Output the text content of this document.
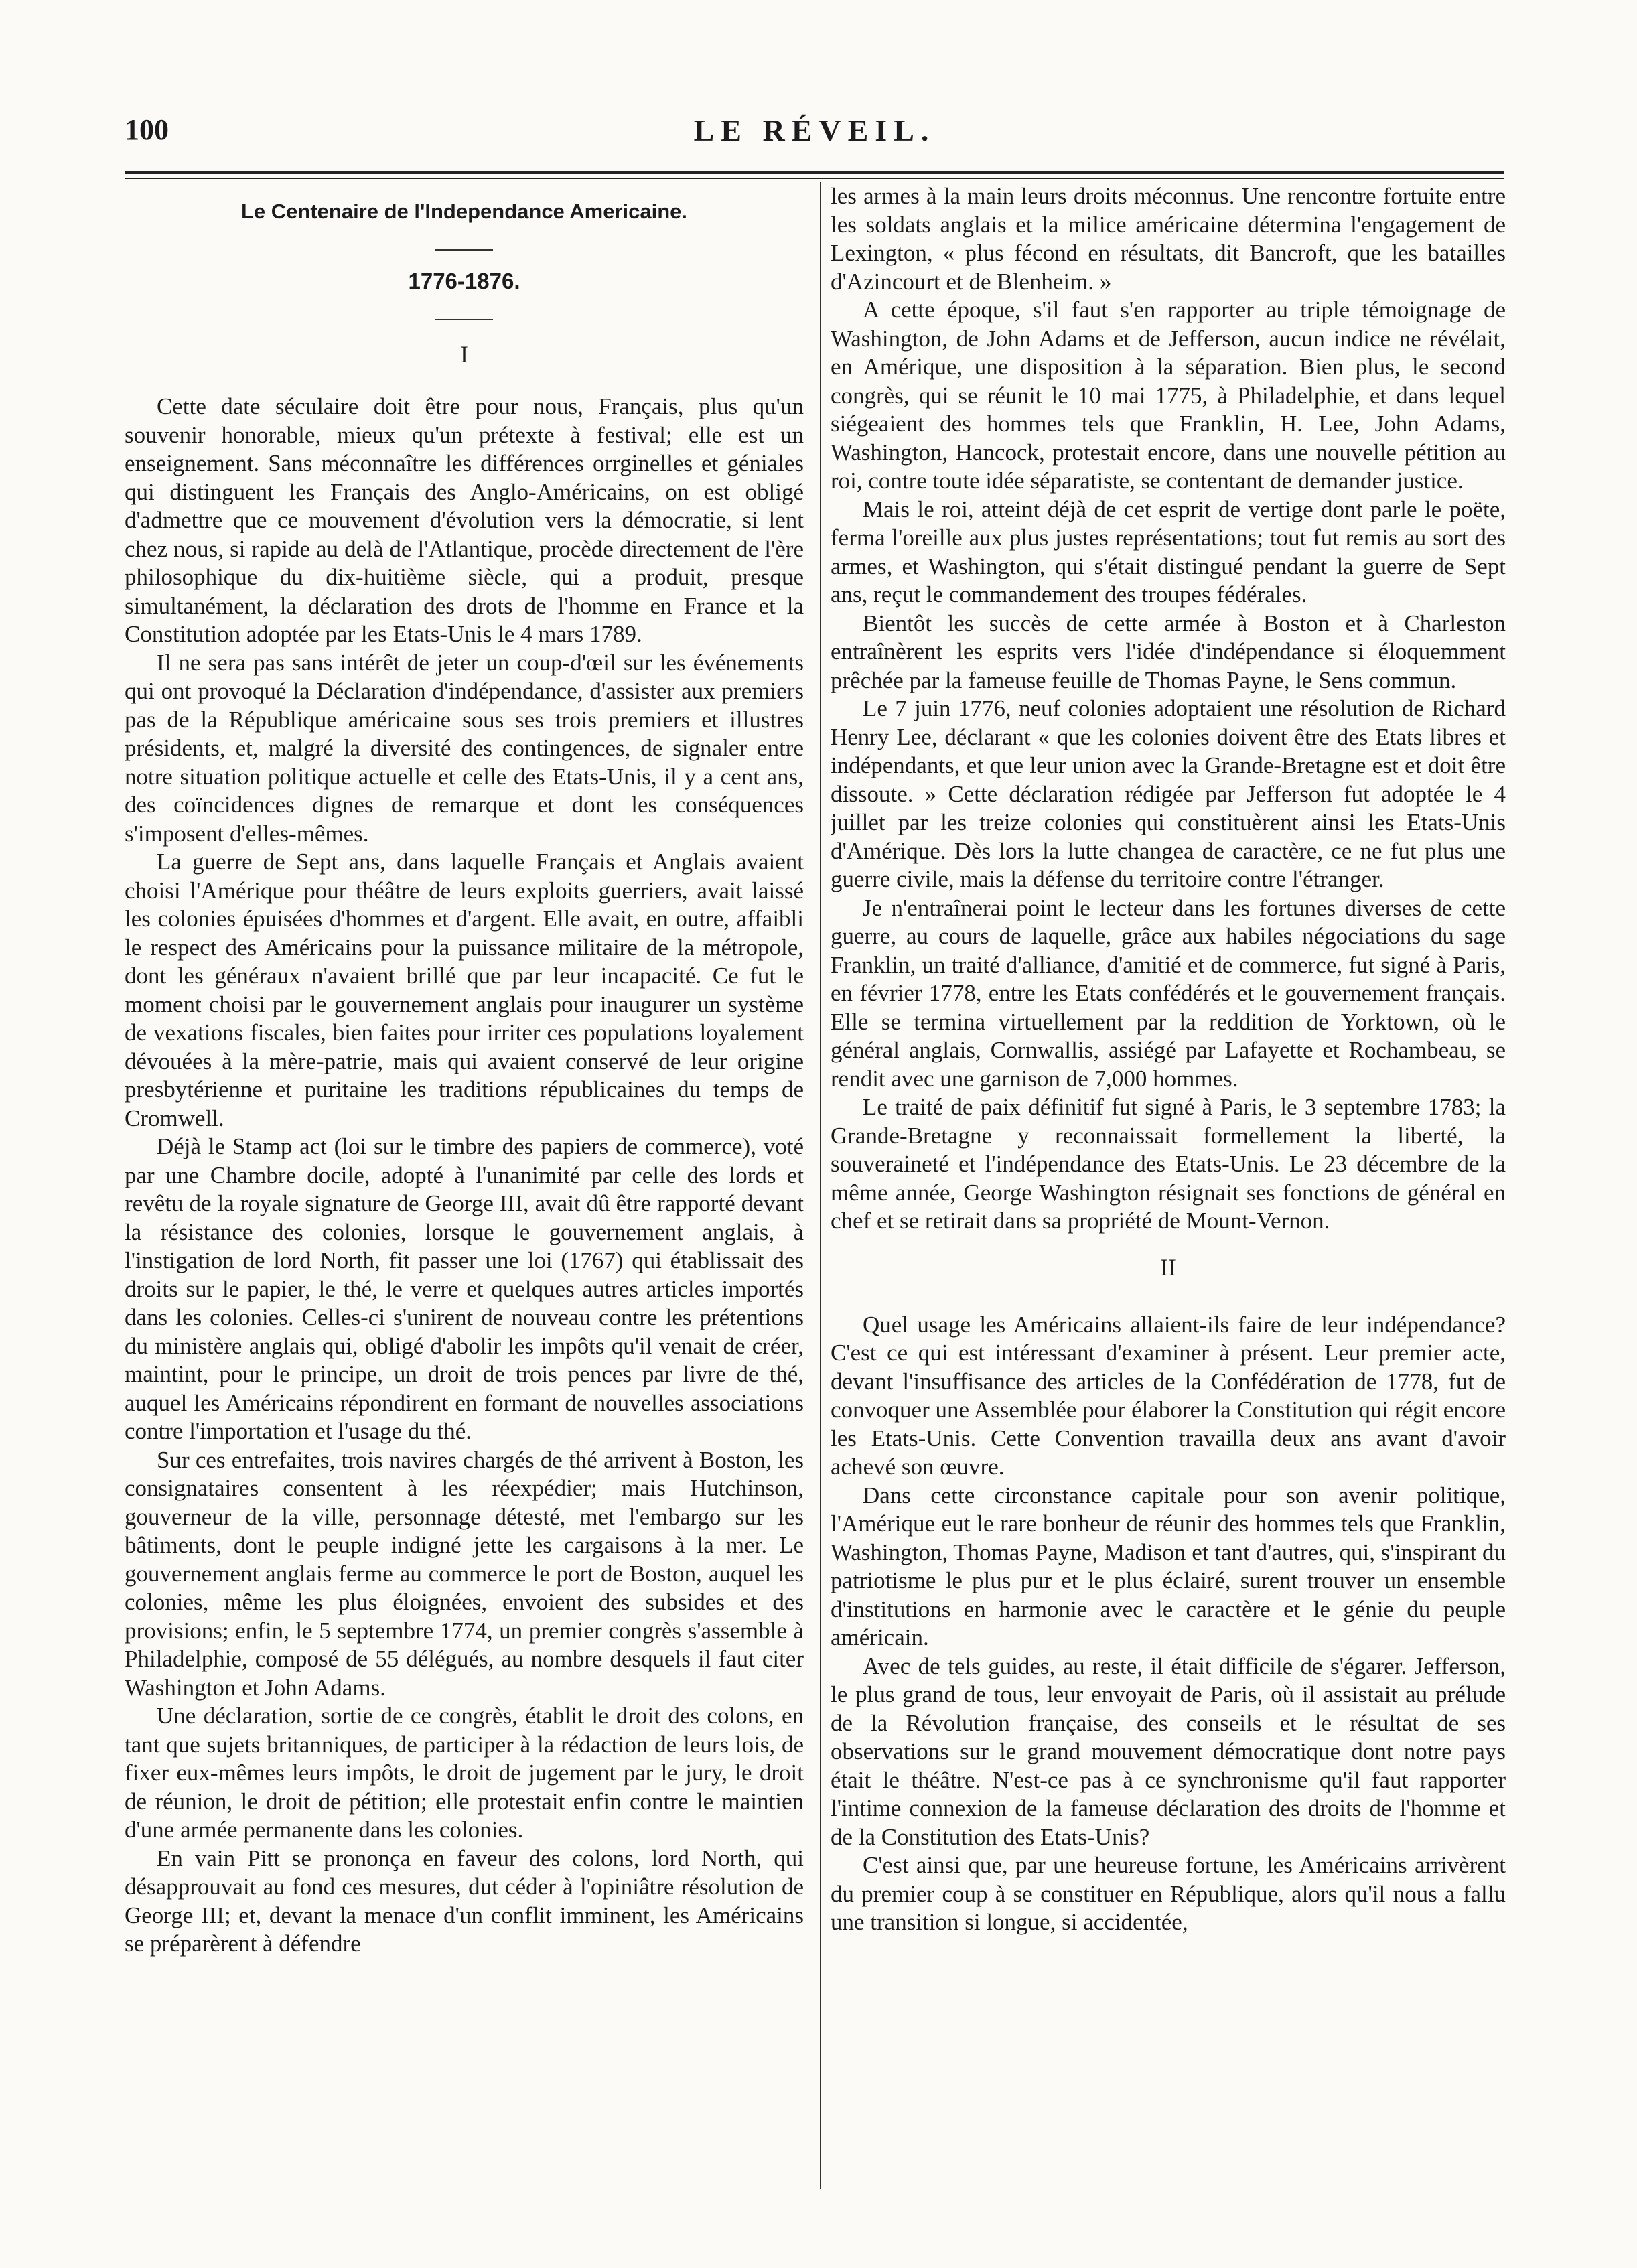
100	LE RÉVEIL.
Le Centenaire de l'Independance Americaine.
1776-1876.
I

Cette date séculaire doit être pour nous, Français, plus qu'un souvenir honorable, mieux qu'un prétexte à festival; elle est un enseignement. Sans méconnaître les différences orrginelles et géniales qui distinguent les Français des Anglo-Américains, on est obligé d'admettre que ce mouvement d'évolution vers la démocratie, si lent chez nous, si rapide au delà de l'Atlantique, procède directement de l'ère philosophique du dix-huitième siècle, qui a produit, presque simultanément, la déclaration des drots de l'homme en France et la Constitution adoptée par les Etats-Unis le 4 mars 1789.

Il ne sera pas sans intérêt de jeter un coup-d'œil sur les événements qui ont provoqué la Déclaration d'indépendance, d'assister aux premiers pas de la République américaine sous ses trois premiers et illustres présidents, et, malgré la diversité des contingences, de signaler entre notre situation politique actuelle et celle des Etats-Unis, il y a cent ans, des coïncidences dignes de remarque et dont les conséquences s'imposent d'elles-mêmes.

La guerre de Sept ans, dans laquelle Français et Anglais avaient choisi l'Amérique pour théâtre de leurs exploits guerriers, avait laissé les colonies épuisées d'hommes et d'argent. Elle avait, en outre, affaibli le respect des Américains pour la puissance militaire de la métropole, dont les généraux n'avaient brillé que par leur incapacité. Ce fut le moment choisi par le gouvernement anglais pour inaugurer un système de vexations fiscales, bien faites pour irriter ces populations loyalement dévouées à la mère-patrie, mais qui avaient conservé de leur origine presbytérienne et puritaine les traditions républicaines du temps de Cromwell.

Déjà le Stamp act (loi sur le timbre des papiers de commerce), voté par une Chambre docile, adopté à l'unanimité par celle des lords et revêtu de la royale signature de George III, avait dû être rapporté devant la résistance des colonies, lorsque le gouvernement anglais, à l'instigation de lord North, fit passer une loi (1767) qui établissait des droits sur le papier, le thé, le verre et quelques autres articles importés dans les colonies. Celles-ci s'unirent de nouveau contre les prétentions du ministère anglais qui, obligé d'abolir les impôts qu'il venait de créer, maintint, pour le principe, un droit de trois pences par livre de thé, auquel les Américains répondirent en formant de nouvelles associations contre l'importation et l'usage du thé.

Sur ces entrefaites, trois navires chargés de thé arrivent à Boston, les consignataires consentent à les réexpédier; mais Hutchinson, gouverneur de la ville, personnage détesté, met l'embargo sur les bâtiments, dont le peuple indigné jette les cargaisons à la mer. Le gouvernement anglais ferme au commerce le port de Boston, auquel les colonies, même les plus éloignées, envoient des subsides et des provisions; enfin, le 5 septembre 1774, un premier congrès s'assemble à Philadelphie, composé de 55 délégués, au nombre desquels il faut citer Washington et John Adams.

Une déclaration, sortie de ce congrès, établit le droit des colons, en tant que sujets britanniques, de participer à la rédaction de leurs lois, de fixer eux-mêmes leurs impôts, le droit de jugement par le jury, le droit de réunion, le droit de pétition; elle protestait enfin contre le maintien d'une armée permanente dans les colonies.

En vain Pitt se prononça en faveur des colons, lord North, qui désapprouvait au fond ces mesures, dut céder à l'opiniâtre résolution de George III; et, devant la menace d'un conflit imminent, les Américains se préparèrent à défendre

les armes à la main leurs droits méconnus. Une rencontre fortuite entre les soldats anglais et la milice américaine détermina l'engagement de Lexington, « plus fécond en résultats, dit Bancroft, que les batailles d'Azincourt et de Blenheim. »

A cette époque, s'il faut s'en rapporter au triple témoignage de Washington, de John Adams et de Jefferson, aucun indice ne révélait, en Amérique, une disposition à la séparation. Bien plus, le second congrès, qui se réunit le 10 mai 1775, à Philadelphie, et dans lequel siégeaient des hommes tels que Franklin, H. Lee, John Adams, Washington, Hancock, protestait encore, dans une nouvelle pétition au roi, contre toute idée séparatiste, se contentant de demander justice.

Mais le roi, atteint déjà de cet esprit de vertige dont parle le poëte, ferma l'oreille aux plus justes représentations; tout fut remis au sort des armes, et Washington, qui s'était distingué pendant la guerre de Sept ans, reçut le commandement des troupes fédérales.

Bientôt les succès de cette armée à Boston et à Charleston entraînèrent les esprits vers l'idée d'indépendance si éloquemment prêchée par la fameuse feuille de Thomas Payne, le Sens commun.

Le 7 juin 1776, neuf colonies adoptaient une résolution de Richard Henry Lee, déclarant « que les colonies doivent être des Etats libres et indépendants, et que leur union avec la Grande-Bretagne est et doit être dissoute. » Cette déclaration rédigée par Jefferson fut adoptée le 4 juillet par les treize colonies qui constituèrent ainsi les Etats-Unis d'Amérique. Dès lors la lutte changea de caractère, ce ne fut plus une guerre civile, mais la défense du territoire contre l'étranger.

Je n'entraînerai point le lecteur dans les fortunes diverses de cette guerre, au cours de laquelle, grâce aux habiles négociations du sage Franklin, un traité d'alliance, d'amitié et de commerce, fut signé à Paris, en février 1778, entre les Etats confédérés et le gouvernement français. Elle se termina virtuellement par la reddition de Yorktown, où le général anglais, Cornwallis, assiégé par Lafayette et Rochambeau, se rendit avec une garnison de 7,000 hommes.

Le traité de paix définitif fut signé à Paris, le 3 septembre 1783; la Grande-Bretagne y reconnaissait formellement la liberté, la souveraineté et l'indépendance des Etats-Unis. Le 23 décembre de la même année, George Washington résignait ses fonctions de général en chef et se retirait dans sa propriété de Mount-Vernon.

II

Quel usage les Américains allaient-ils faire de leur indépendance? C'est ce qui est intéressant d'examiner à présent. Leur premier acte, devant l'insuffisance des articles de la Confédération de 1778, fut de convoquer une Assemblée pour élaborer la Constitution qui régit encore les Etats-Unis. Cette Convention travailla deux ans avant d'avoir achevé son œuvre.

Dans cette circonstance capitale pour son avenir politique, l'Amérique eut le rare bonheur de réunir des hommes tels que Franklin, Washington, Thomas Payne, Madison et tant d'autres, qui, s'inspirant du patriotisme le plus pur et le plus éclairé, surent trouver un ensemble d'institutions en harmonie avec le caractère et le génie du peuple américain.

Avec de tels guides, au reste, il était difficile de s'égarer. Jefferson, le plus grand de tous, leur envoyait de Paris, où il assistait au prélude de la Révolution française, des conseils et le résultat de ses observations sur le grand mouvement démocratique dont notre pays était le théâtre. N'est-ce pas à ce synchronisme qu'il faut rapporter l'intime connexion de la fameuse déclaration des droits de l'homme et de la Constitution des Etats-Unis?

C'est ainsi que, par une heureuse fortune, les Américains arrivèrent du premier coup à se constituer en République, alors qu'il nous a fallu une transition si longue, si accidentée,
